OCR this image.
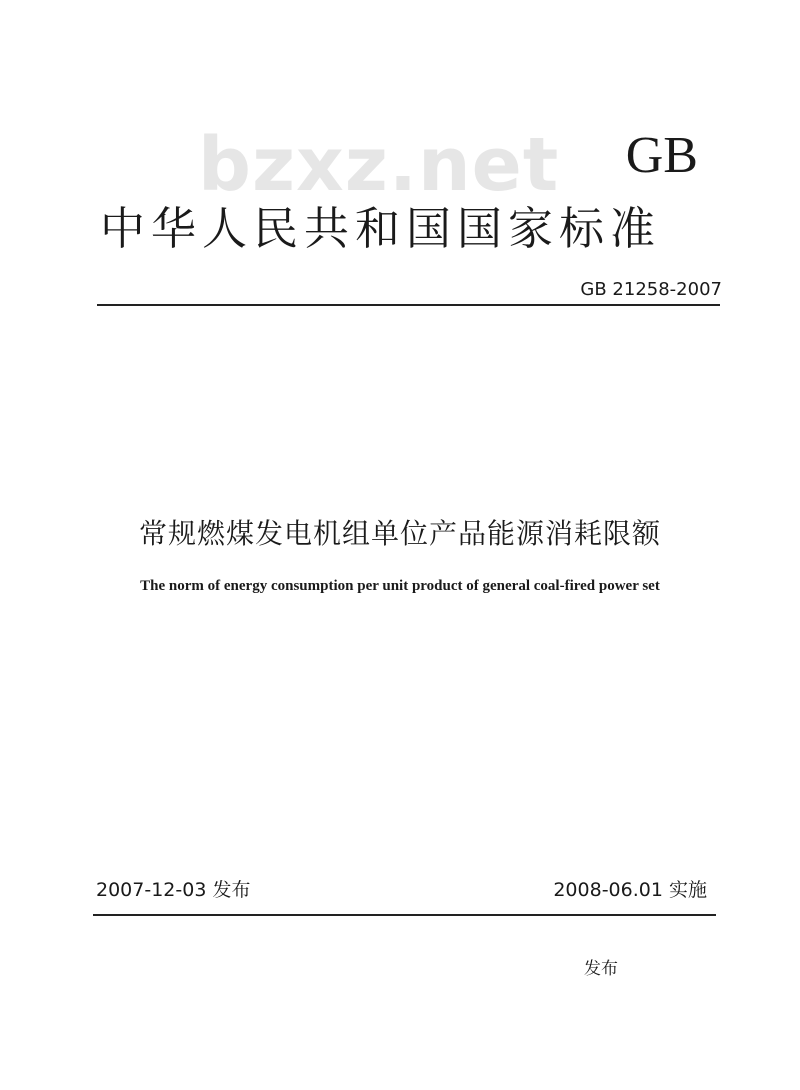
bzxz.net GB
中华人民共和国国家标准
GB 21258-2007
常规燃煤发电机组单位产品能源消耗限额
The norm of energy consumption per unit product of general coal-fired power set
2007-12-03 发布	2008-06.01 实施
发布
